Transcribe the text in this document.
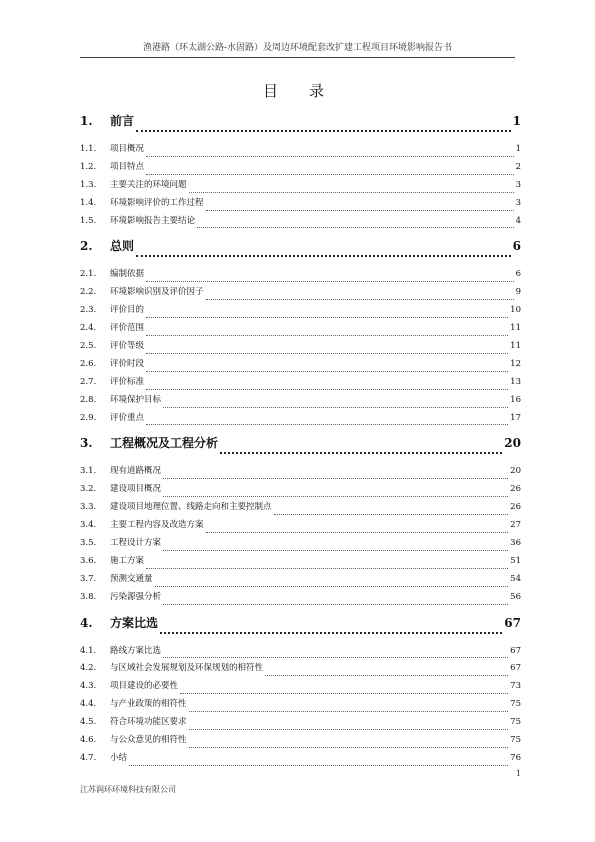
渔港路（环太湖公路-水固路）及周边环境配套改扩建工程项目环境影响报告书
目　录
1.	前言	1
1.1.	项目概况	1
1.2.	项目特点	2
1.3.	主要关注的环境问题	3
1.4.	环境影响评价的工作过程	3
1.5.	环境影响报告主要结论	4
2.	总则	6
2.1.	编制依据	6
2.2.	环境影响识别及评价因子	9
2.3.	评价目的	10
2.4.	评价范围	11
2.5.	评价等级	11
2.6.	评价时段	12
2.7.	评价标准	13
2.8.	环境保护目标	16
2.9.	评价重点	17
3.	工程概况及工程分析	20
3.1.	现有道路概况	20
3.2.	建设项目概况	26
3.3.	建设项目地理位置、线路走向和主要控制点	26
3.4.	主要工程内容及改造方案	27
3.5.	工程设计方案	36
3.6.	施工方案	51
3.7.	预测交通量	54
3.8.	污染源强分析	56
4.	方案比选	67
4.1.	路线方案比选	67
4.2.	与区域社会发展规划及环保规划的相符性	67
4.3.	项目建设的必要性	73
4.4.	与产业政策的相符性	75
4.5.	符合环境功能区要求	75
4.6.	与公众意见的相符性	75
4.7.	小结	76
1
江苏润环环境科技有限公司
